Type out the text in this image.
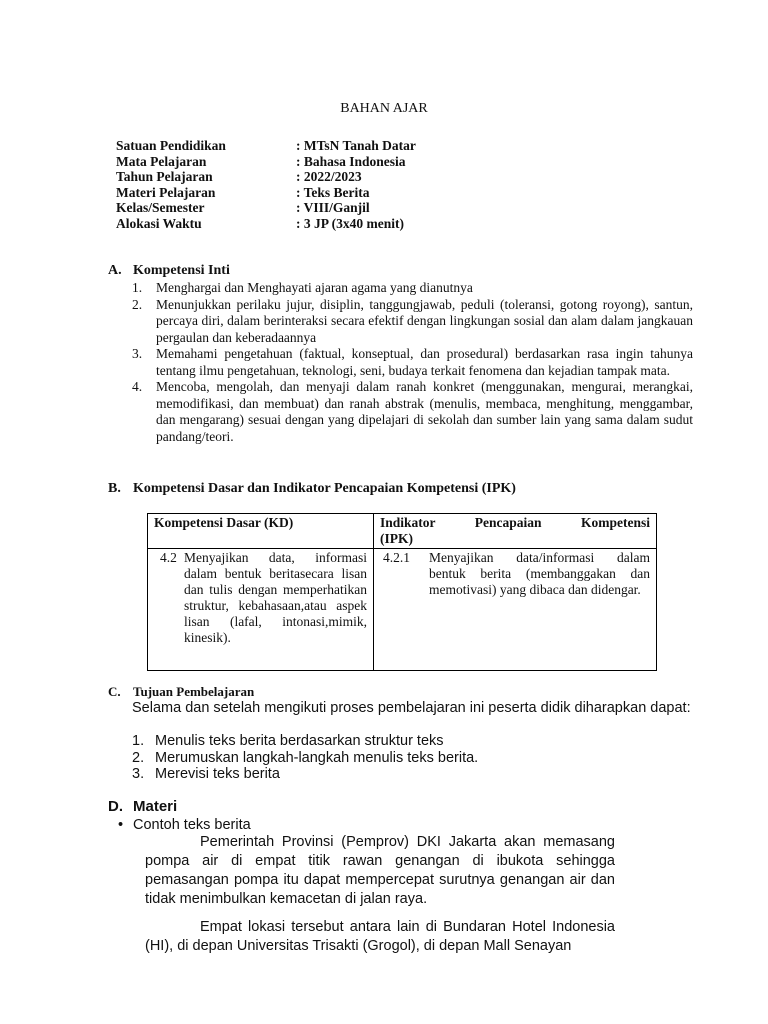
BAHAN AJAR
Satuan Pendidikan	: MTsN Tanah Datar
Mata Pelajaran	: Bahasa Indonesia
Tahun Pelajaran	: 2022/2023
Materi Pelajaran	: Teks Berita
Kelas/Semester	: VIII/Ganjil
Alokasi Waktu	: 3 JP (3x40 menit)
A. Kompetensi Inti
1.	Menghargai dan Menghayati ajaran agama yang dianutnya
2.	Menunjukkan perilaku jujur, disiplin, tanggungjawab, peduli (toleransi, gotong royong), santun, percaya diri, dalam berinteraksi secara efektif dengan lingkungan sosial dan alam dalam jangkauan pergaulan dan keberadaannya
3.	Memahami pengetahuan (faktual, konseptual, dan prosedural) berdasarkan rasa ingin tahunya tentang ilmu pengetahuan, teknologi, seni, budaya terkait fenomena dan kejadian tampak mata.
4.	Mencoba, mengolah, dan menyaji dalam ranah konkret (menggunakan, mengurai, merangkai, memodifikasi, dan membuat) dan ranah abstrak (menulis, membaca, menghitung, menggambar, dan mengarang) sesuai dengan yang dipelajari di sekolah dan sumber lain yang sama dalam sudut pandang/teori.
B. Kompetensi Dasar dan Indikator Pencapaian Kompetensi (IPK)
Kompetensi Dasar (KD)	Indikator Pencapaian Kompetensi
(IPK)

4.2 Menyajikan data, informasi dalam bentuk beritasecara lisan dan tulis dengan memperhatikan struktur, kebahasaan,atau aspek lisan (lafal, intonasi,mimik, kinesik).	4.2.1 Menyajikan data/informasi dalam bentuk berita (membanggakan dan memotivasi) yang dibaca dan didengar.
C. Tujuan Pembelajaran
Selama dan setelah mengikuti proses pembelajaran ini peserta didik diharapkan dapat:
1. Menulis teks berita berdasarkan struktur teks
2. Merumuskan langkah-langkah menulis teks berita.
3. Merevisi teks berita
D. Materi
• Contoh teks berita
Pemerintah Provinsi (Pemprov) DKI Jakarta akan memasang pompa air di empat titik rawan genangan di ibukota sehingga pemasangan pompa itu dapat mempercepat surutnya genangan air dan tidak menimbulkan kemacetan di jalan raya.
Empat lokasi tersebut antara lain di Bundaran Hotel Indonesia (HI), di depan Universitas Trisakti (Grogol), di depan Mall Senayan
